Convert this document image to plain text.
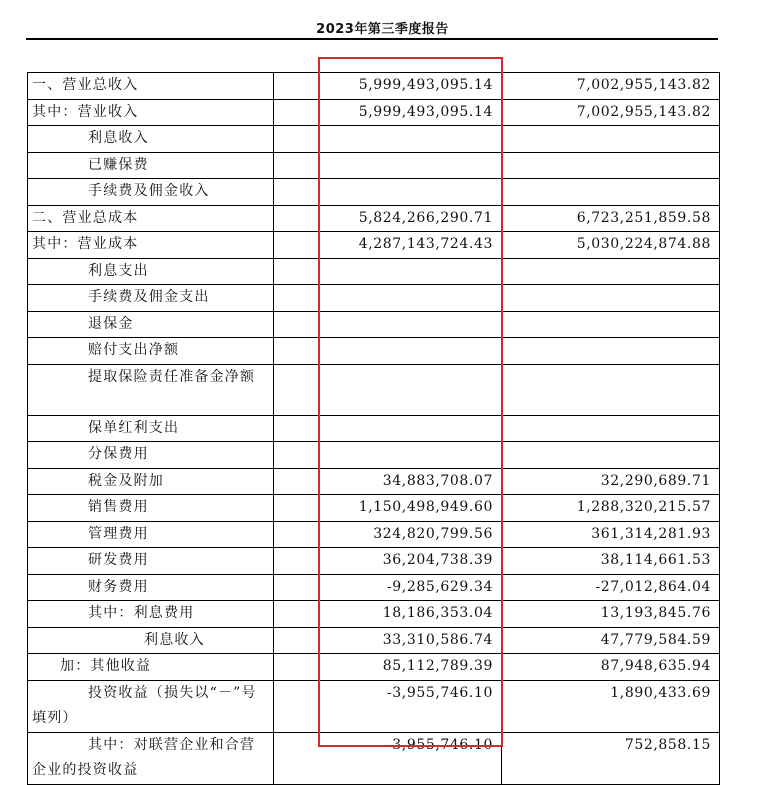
2023年第三季度报告
一、营业总收入	5,999,493,095.14	7,002,955,143.82
其中：营业收入	5,999,493,095.14	7,002,955,143.82
利息收入		
已赚保费		
手续费及佣金收入		
二、营业总成本	5,824,266,290.71	6,723,251,859.58
其中：营业成本	4,287,143,724.43	5,030,224,874.88
利息支出		
手续费及佣金支出		
退保金		
赔付支出净额		
提取保险责任准备金净额		
保单红利支出		
分保费用		
税金及附加	34,883,708.07	32,290,689.71
销售费用	1,150,498,949.60	1,288,320,215.57
管理费用	324,820,799.56	361,314,281.93
研发费用	36,204,738.39	38,114,661.53
财务费用	-9,285,629.34	-27,012,864.04
其中：利息费用	18,186,353.04	13,193,845.76
利息收入	33,310,586.74	47,779,584.59
加：其他收益	85,112,789.39	87,948,635.94
投资收益（损失以“－”号填列）	-3,955,746.10	1,890,433.69
其中：对联营企业和合营企业的投资收益	-3,955,746.10	752,858.15
